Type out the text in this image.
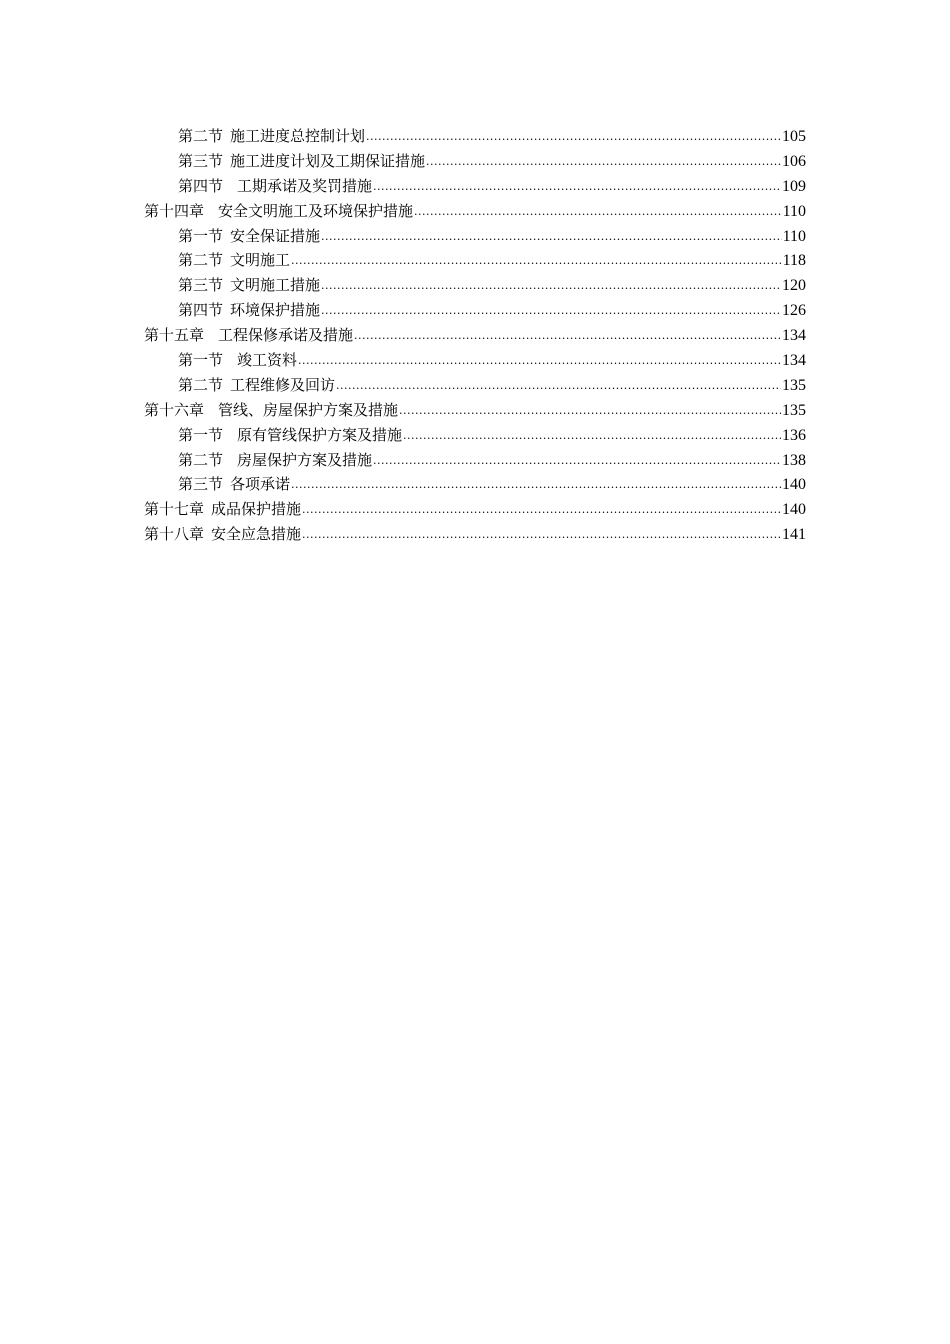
第二节 施工进度总控制计划 .....	105
第三节 施工进度计划及工期保证措施 .....	106
第四节 工期承诺及奖罚措施 .....	109
第十四章 安全文明施工及环境保护措施 .....	110
第一节 安全保证措施 .....	110
第二节 文明施工 .....	118
第三节 文明施工措施 .....	120
第四节 环境保护措施 .....	126
第十五章 工程保修承诺及措施 .....	134
第一节 竣工资料 .....	134
第二节 工程维修及回访 .....	135
第十六章 管线、房屋保护方案及措施 .....	135
第一节 原有管线保护方案及措施 .....	136
第二节 房屋保护方案及措施 .....	138
第三节 各项承诺 .....	140
第十七章 成品保护措施 .....	140
第十八章 安全应急措施 .....	141
